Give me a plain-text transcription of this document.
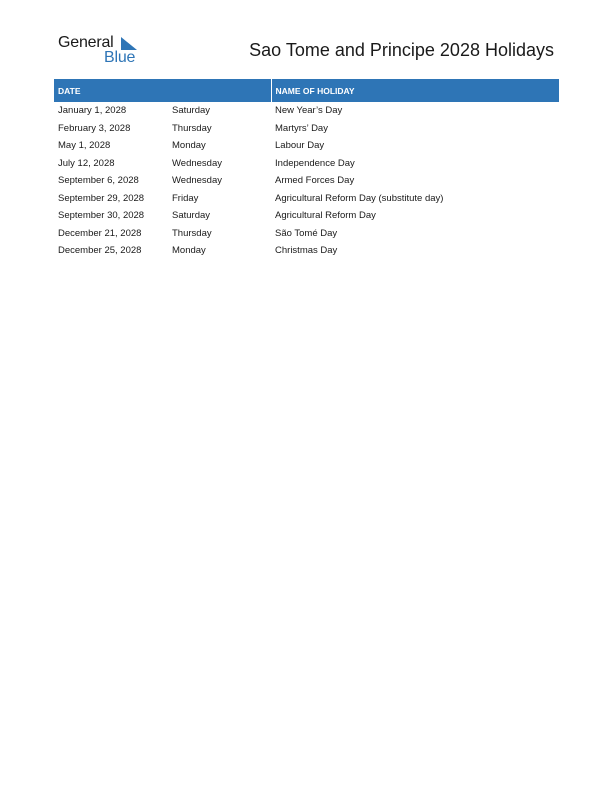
General
Blue	Sao Tome and Principe 2028 Holidays
DATE		NAME OF HOLIDAY
January 1, 2028	Saturday	New Year’s Day
February 3, 2028	Thursday	Martyrs’ Day
May 1, 2028	Monday	Labour Day
July 12, 2028	Wednesday	Independence Day
September 6, 2028	Wednesday	Armed Forces Day
September 29, 2028	Friday	Agricultural Reform Day (substitute day)
September 30, 2028	Saturday	Agricultural Reform Day
December 21, 2028	Thursday	São Tomé Day
December 25, 2028	Monday	Christmas Day
